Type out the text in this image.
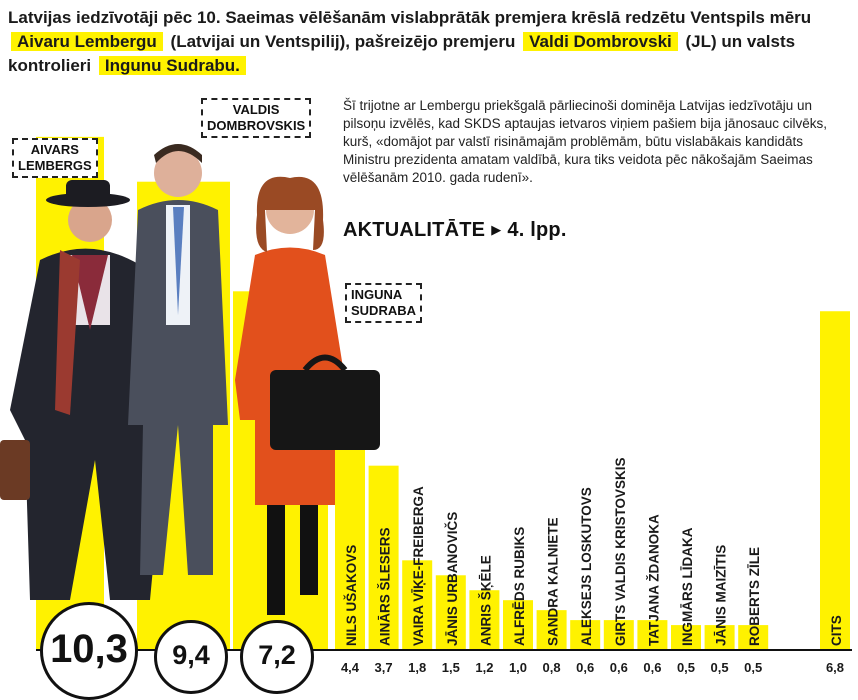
NILS UŠAKOVS
4,4
AINĀRS ŠLESERS
3,7
VAIRA VĪĶE-FREIBERGA
1,8
JĀNIS URBANOVIČS
1,5
ANRIS ŠĶĒLE
1,2
ALFRĒDS RUBIKS
1,0
SANDRA KALNIETE
0,8
ALEKSEJS LOSKUTOVS
0,6
GIRTS VALDIS KRISTOVSKIS
0,6
TATJANA ŽDANOKA
0,6
INGMĀRS LĪDAKA
0,5
JĀNIS MAIZĪTIS
0,5
ROBERTS ZĪLE
0,5
CITS
6,8
Latvijas iedzīvotāji pēc 10. Saeimas vēlēšanām vislabprātāk premjera krēslā redzētu Ventspils mēru Aivaru Lembergu (Latvijai un Ventspilij), pašreizējo premjeru Valdi Dombrovski (JL) un valsts kontrolieri Ingunu Sudrabu.
AIVARS
LEMBERGS
VALDIS
DOMBROVSKIS
INGUNA
SUDRABA
Šī trijotne ar Lembergu priekšgalā pārliecinoši dominēja Latvijas iedzīvotāju un pilsoņu izvēlēs, kad SKDS aptaujas ietvaros viņiem pašiem bija jānosauc cilvēks, kurš, «domājot par valstī risināmajām problēmām, būtu vislabākais kandidāts Ministru prezidenta amatam valdībā, kura tiks veidota pēc nākošajām Saeimas vēlēšanām 2010. gada rudenī».
AKTUALITĀTE ▶ 4. lpp.
10,3	9,4	7,2
